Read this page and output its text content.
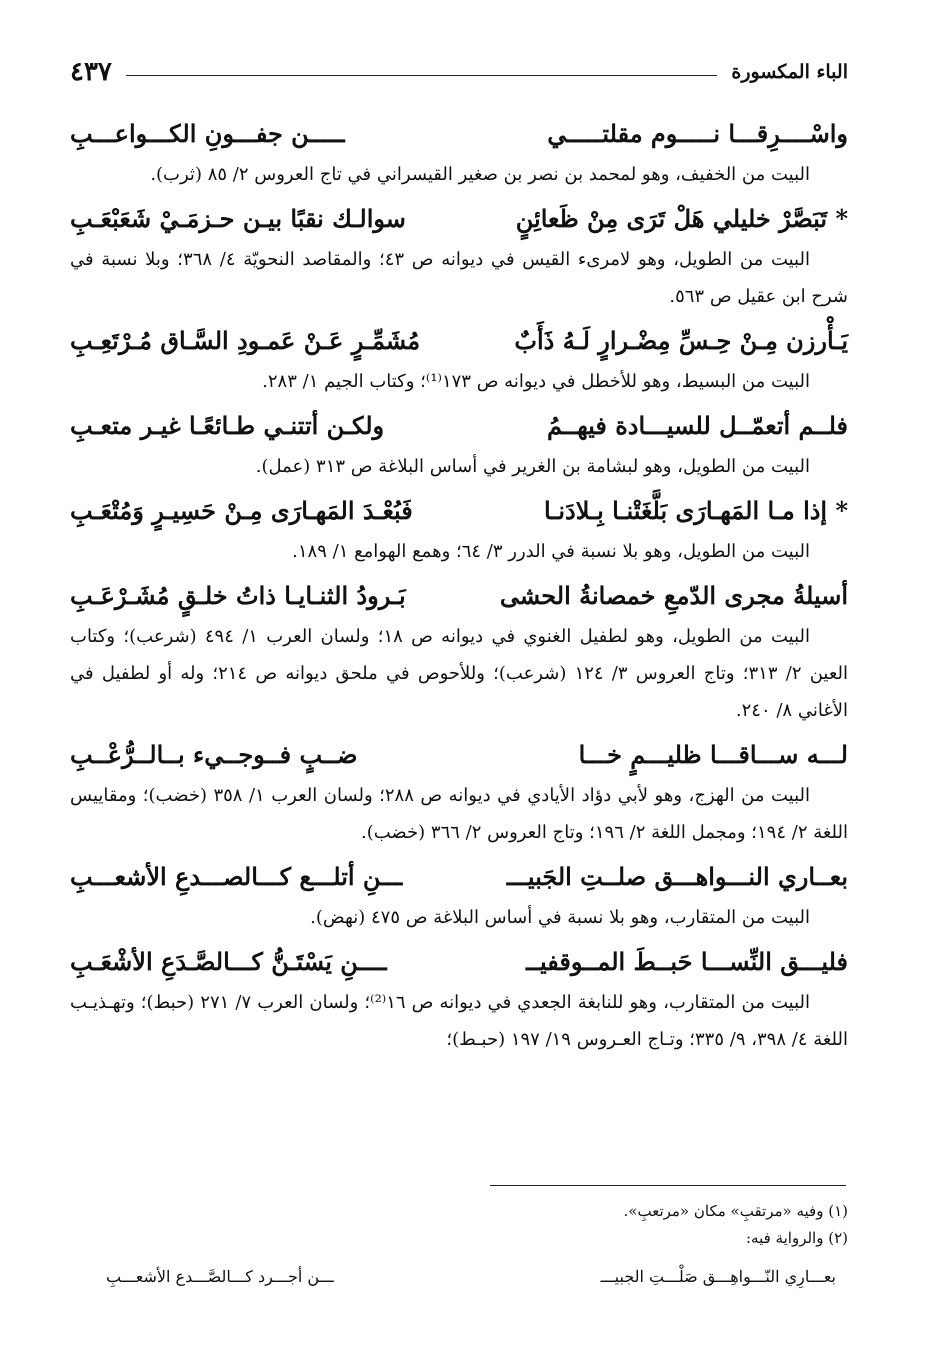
الباء المكسورة
٤٣٧
واسْــــرِقـــا نـــــوم مقلتـــــي
ـــــن جفـــونِ الكـــواعـــبِ

البيت من الخفيف، وهو لمحمد بن نصر بن صغير القيسراني في تاج العروس ٢/ ٨٥ (ثرب).

* تَبَصَّرْ خليلي هَلْ تَرَى مِنْ ظَعائِنٍ
سوالـك نقبًا بيـن حـزمَـيْ شَعَبْعَـبِ

البيت من الطويل، وهو لامرىء القيس في ديوانه ص ٤٣؛ والمقاصد النحويّة ٤/ ٣٦٨؛ وبلا نسبة في شرح ابن عقيل ص ٥٦٣.

يَـأْرزن مِـنْ حِـسِّ مِضْـرارٍ لَـهُ ذَأَبٌ
مُشَمِّـرٍ عَـنْ عَمـودِ السَّـاق مُـرْتَعِـبِ

البيت من البسيط، وهو للأخطل في ديوانه ص ١٧٣⁽¹⁾؛ وكتاب الجيم ١/ ٢٨٣.

فلــم أتعمّــل للسيـــادة فيهــمُ
ولكـن أتتنـي طـائعًـا غيـر متعـبِ

البيت من الطويل، وهو لبشامة بن الغرير في أساس البلاغة ص ٣١٣ (عمل).

* إذا مـا المَهـارَى بَلَّغَتْنـا بِـلادَنـا
فَبُعْـدَ المَهـارَى مِـنْ حَسِيـرٍ وَمُتْعَـبِ

البيت من الطويل، وهو بلا نسبة في الدرر ٣/ ٦٤؛ وهمع الهوامع ١/ ١٨٩.

أسيلةُ مجرى الدّمعِ خمصانةُ الحشى
بَـرودُ الثنـايـا ذاتُ خلـقٍ مُشَـرْعَـبِ

البيت من الطويل، وهو لطفيل الغنوي في ديوانه ص ١٨؛ ولسان العرب ١/ ٤٩٤ (شرعب)؛ وكتاب العين ٢/ ٣١٣؛ وتاج العروس ٣/ ١٢٤ (شرعب)؛ وللأحوص في ملحق ديوانه ص ٢١٤؛ وله أو لطفيل في الأغاني ٨/ ٢٤٠.

لـــه ســـاقـــا ظليـــمٍ خـــا
ضــبٍ فــوجــيء بــالــرُّعْــبِ

البيت من الهزج، وهو لأبي دؤاد الأيادي في ديوانه ص ٢٨٨؛ ولسان العرب ١/ ٣٥٨ (خضب)؛ ومقاييس اللغة ٢/ ١٩٤؛ ومجمل اللغة ٢/ ١٩٦؛ وتاج العروس ٢/ ٣٦٦ (خضب).

بعــاري النـــواهـــق صلــتِ الجَبيـــ
ـــنِ أتلـــع كـــالصـــدعِ الأشعـــبِ

البيت من المتقارب، وهو بلا نسبة في أساس البلاغة ص ٤٧٥ (نهض).

فليـــق النِّســـا حَبــطَ المــوقفيــ
ــــنِ يَسْتَـنُّ كـــالصَّـدَعِ الأشْعَـبِ

البيت من المتقارب، وهو للنابغة الجعدي في ديوانه ص ١٦⁽²⁾؛ ولسان العرب ٧/ ٢٧١ (حبط)؛ وتهـذيـب اللغة ٤/ ٣٩٨، ٩/ ٣٣٥؛ وتـاج العـروس ١٩/ ١٩٧ (حبـط)؛

(١) وفيه «مرتقبِ» مكان «مرتعبِ».
(٢) والرواية فيه:
بعـــارِي النّـــواهِـــق صَلْـــتِ الجبيـــ
ـــن أجـــرد كـــالصَّـــدع الأشعـــبِ
